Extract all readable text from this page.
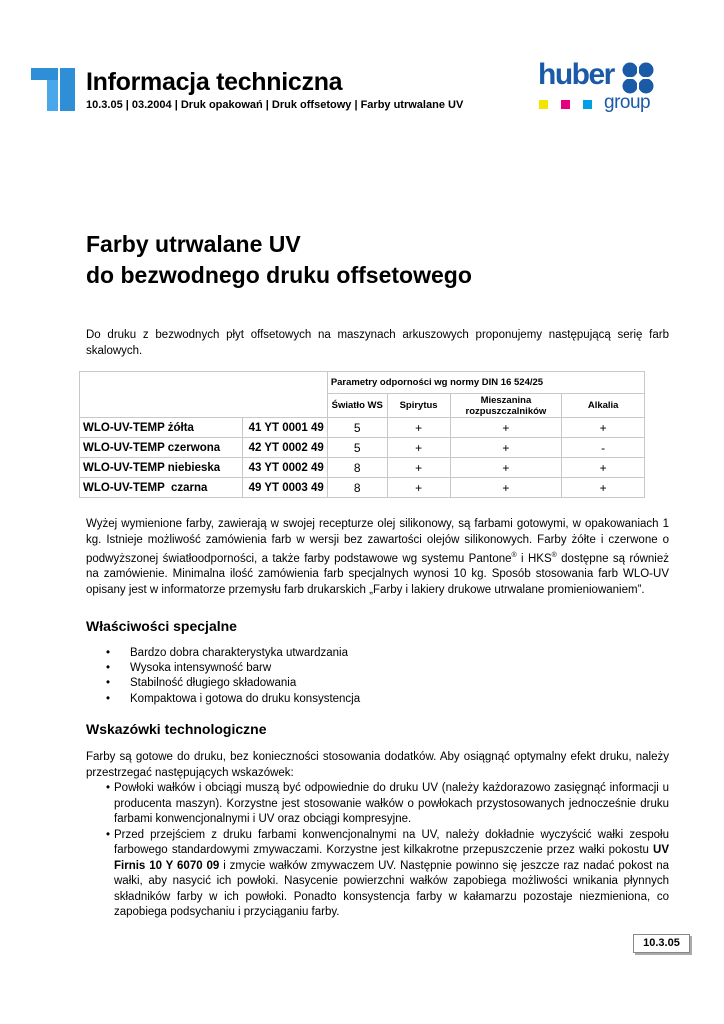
Informacja techniczna
10.3.05 | 03.2004 | Druk opakowań | Druk offsetowy | Farby utrwalane UV
huber
group
Farby utrwalane UV
do bezwodnego druku offsetowego
Do druku z bezwodnych płyt offsetowych na maszynach arkuszowych proponujemy następującą serię farb skalowych.
		Parametry odporności wg normy DIN 16 524/25			
		Światło WS	Spirytus	Mieszanina rozpuszczalników	Alkalia
WLO-UV-TEMP żółta	41 YT 0001 49	5	+	+	+
WLO-UV-TEMP czerwona	42 YT 0002 49	5	+	+	-
WLO-UV-TEMP niebieska	43 YT 0002 49	8	+	+	+
WLO-UV-TEMP  czarna	49 YT 0003 49	8	+	+	+
Wyżej wymienione farby, zawierają w swojej recepturze olej silikonowy, są farbami gotowymi, w opakowaniach 1 kg. Istnieje możliwość zamówienia farb w wersji bez zawartości olejów silikonowych. Farby żółte i czerwone o podwyższonej światłoodporności, a także farby podstawowe wg systemu Pantone® i HKS® dostępne są również na zamówienie. Minimalna ilość zamówienia farb specjalnych wynosi 10 kg. Sposób stosowania farb WLO-UV opisany jest w informatorze przemysłu farb drukarskich „Farby i lakiery drukowe utrwalane promieniowaniem”.
Właściwości specjalne
• Bardzo dobra charakterystyka utwardzania
• Wysoka intensywność barw
• Stabilność długiego składowania
• Kompaktowa i gotowa do druku konsystencja
Wskazówki technologiczne
Farby są gotowe do druku, bez konieczności stosowania dodatków. Aby osiągnąć optymalny efekt druku, należy przestrzegać następujących wskazówek:
• Powłoki wałków i obciągi muszą być odpowiednie do druku UV (należy każdorazowo zasięgnąć informacji u producenta maszyn). Korzystne jest stosowanie wałków o powłokach przystosowanych jednocześnie druku farbami konwencjonalnymi i UV oraz obciągi kompresyjne.
• Przed przejściem z druku farbami konwencjonalnymi na UV, należy dokładnie wyczyścić wałki zespołu farbowego standardowymi zmywaczami. Korzystne jest kilkakrotne przepuszczenie przez wałki pokostu UV Firnis 10 Y 6070 09 i zmycie wałków zmywaczem UV. Następnie powinno się jeszcze raz nadać pokost na wałki, aby nasycić ich powłoki. Nasycenie powierzchni wałków zapobiega możliwości wnikania płynnych składników farby w ich powłoki. Ponadto konsystencja farby w kałamarzu pozostaje niezmieniona, co zapobiega podsychaniu i przyciąganiu farby.
10.3.05
